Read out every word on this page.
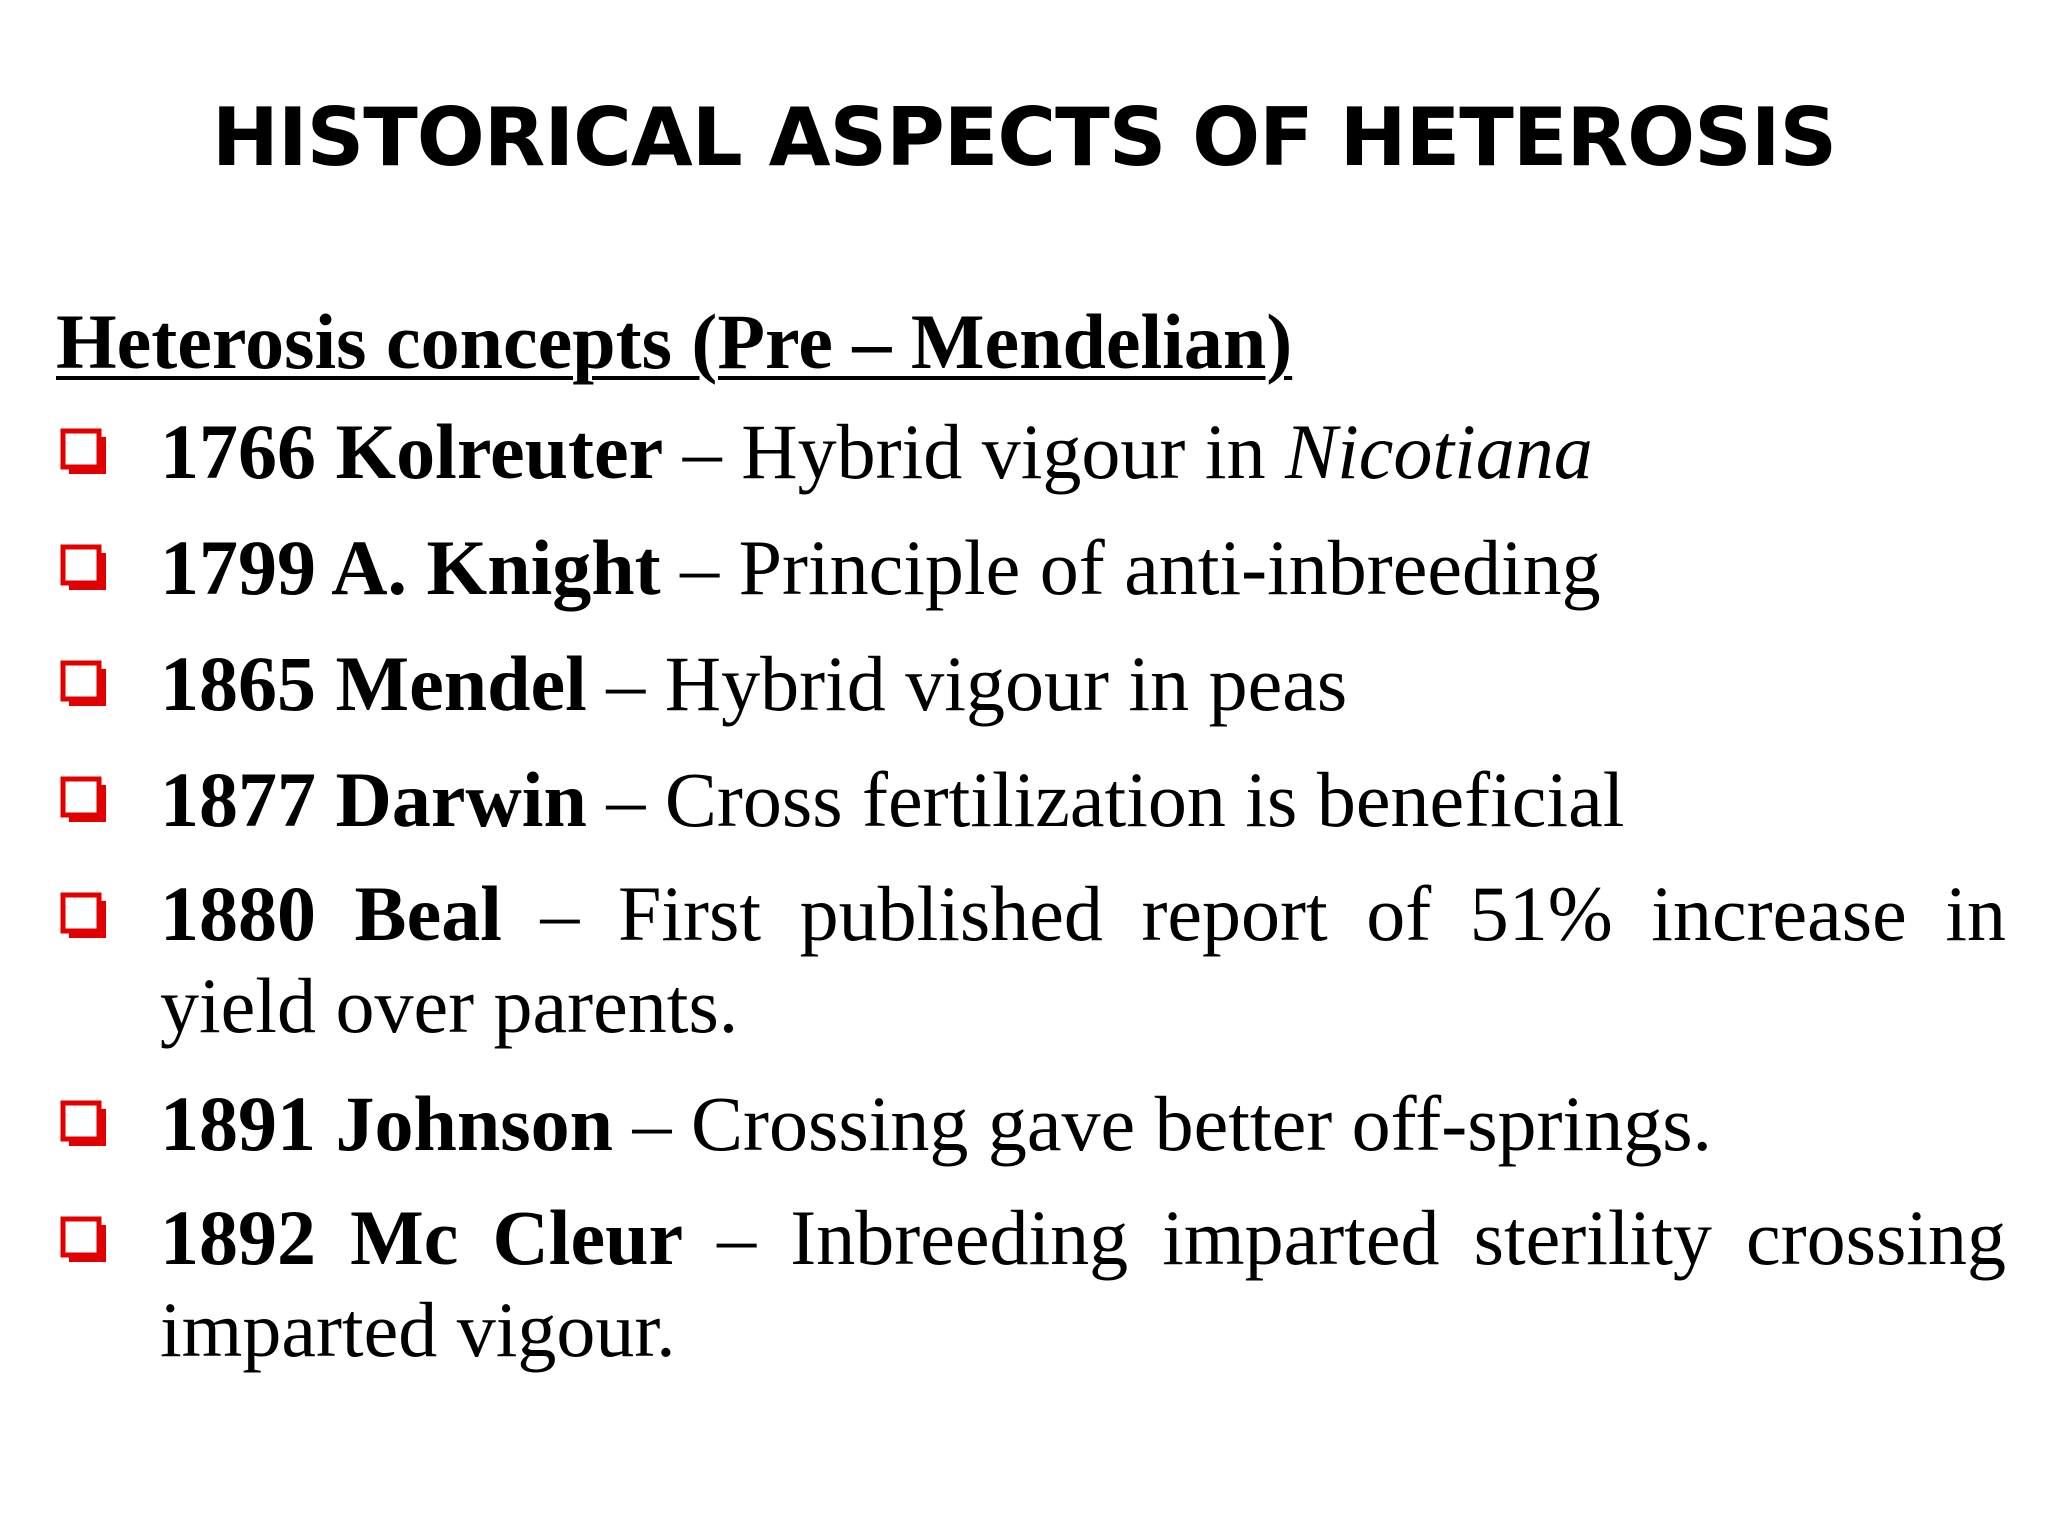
HISTORICAL ASPECTS OF HETEROSIS
Heterosis concepts (Pre – Mendelian)
1766 Kolreuter – Hybrid vigour in Nicotiana
1799 A. Knight – Principle of anti-inbreeding
1865 Mendel – Hybrid vigour in peas
1877 Darwin – Cross fertilization is beneficial
1880 Beal – First published report of 51% increase in yield over parents.
1891 Johnson – Crossing gave better off-springs.
1892 Mc Cleur – Inbreeding imparted sterility crossing imparted vigour.
